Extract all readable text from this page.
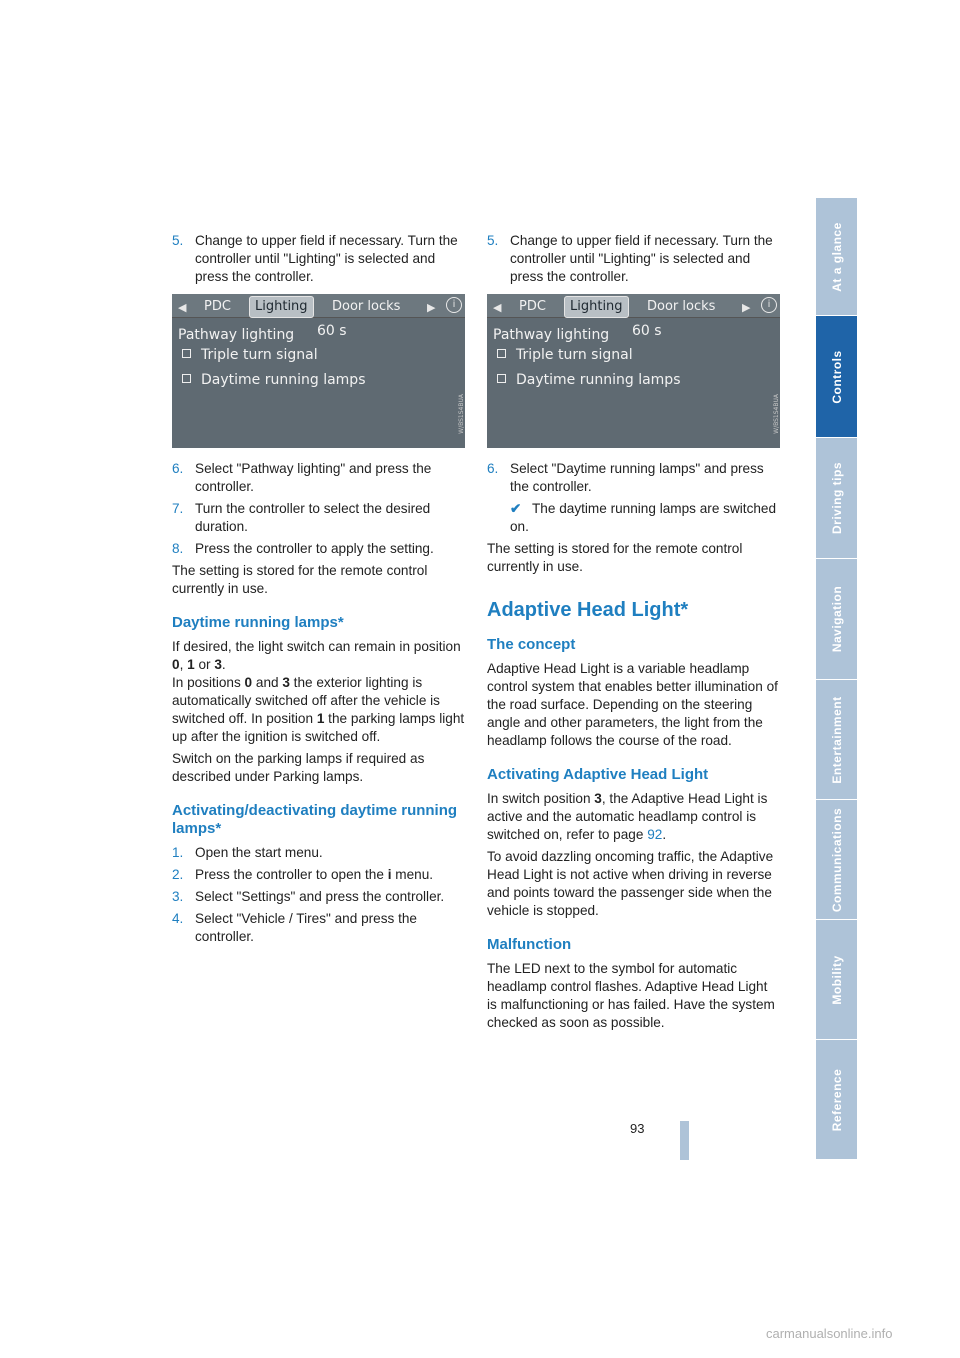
5. Change to upper field if necessary. Turn the controller until "Lighting" is selected and press the controller.
◀ PDC	Lighting	Door locks ▶	i
Pathway lighting 60 s
Triple turn signal
Daytime running lamps
W/BS1S4BUA
6. Select "Pathway lighting" and press the controller.
7. Turn the controller to select the desired duration.
8. Press the controller to apply the setting.

The setting is stored for the remote control currently in use.

Daytime running lamps*

If desired, the light switch can remain in position 0, 1 or 3.
In positions 0 and 3 the exterior lighting is automatically switched off after the vehicle is switched off. In position 1 the parking lamps light up after the ignition is switched off.

Switch on the parking lamps if required as described under Parking lamps.

Activating/deactivating daytime running lamps*
1. Open the start menu.
2. Press the controller to open the i menu.
3. Select "Settings" and press the controller.
4. Select "Vehicle / Tires" and press the controller.
5. Change to upper field if necessary. Turn the controller until "Lighting" is selected and press the controller.
◀ PDC	Lighting	Door locks ▶	i
Pathway lighting 60 s
Triple turn signal
Daytime running lamps
W/BS1S4BUA
6. Select "Daytime running lamps" and press the controller.

✔ The daytime running lamps are switched on.

The setting is stored for the remote control currently in use.

Adaptive Head Light*
The concept

Adaptive Head Light is a variable headlamp control system that enables better illumination of the road surface. Depending on the steering angle and other parameters, the light from the headlamp follows the course of the road.

Activating Adaptive Head Light

In switch position 3, the Adaptive Head Light is active and the automatic headlamp control is switched on, refer to page 92.

To avoid dazzling oncoming traffic, the Adaptive Head Light is not active when driving in reverse and points toward the passenger side when the vehicle is stopped.

Malfunction

The LED next to the symbol for automatic headlamp control flashes. Adaptive Head Light is malfunctioning or has failed. Have the system checked as soon as possible.

At a glance
Controls
Driving tips
Navigation
Entertainment
Communications
Mobility
Reference
93
carmanualsonline.info
